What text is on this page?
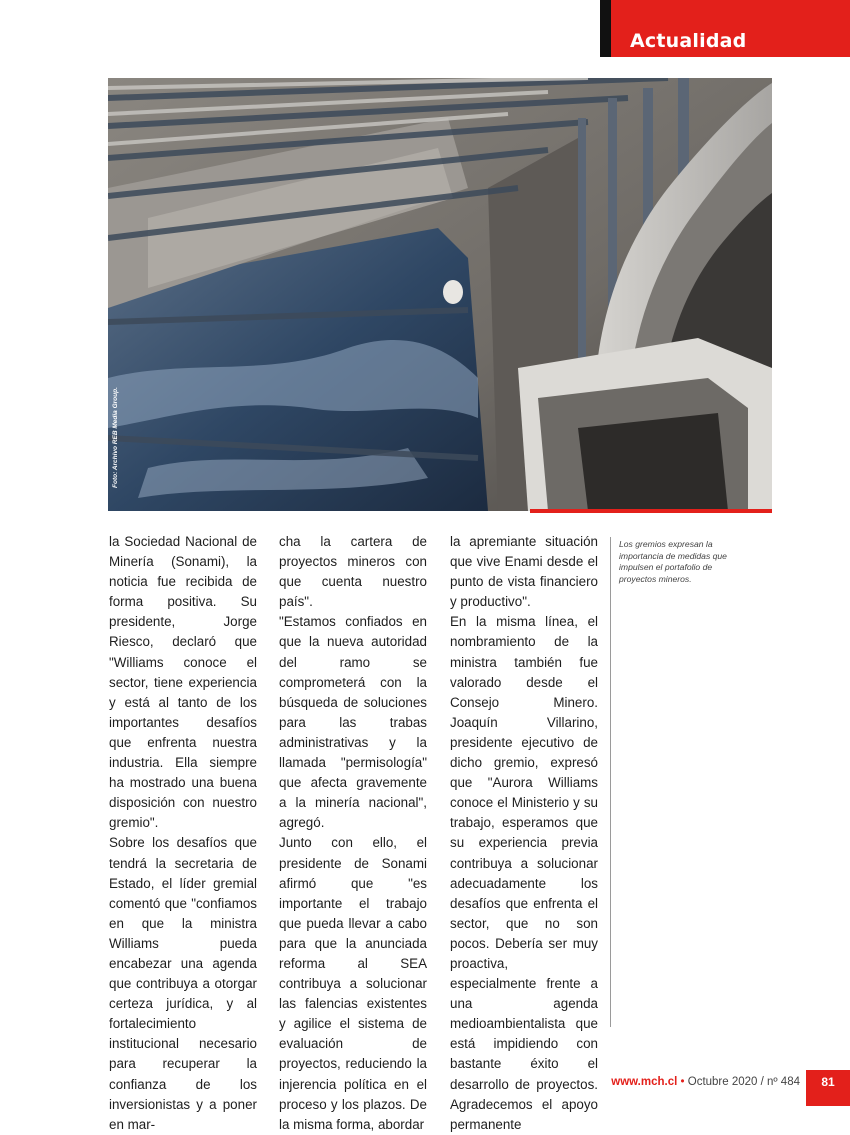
Actualidad
Foto: Archivo REB Media Group.

la Sociedad Nacional de Minería (Sonami), la noticia fue recibida de forma positiva. Su presidente, Jorge Riesco, declaró que "Williams conoce el sector, tiene experiencia y está al tanto de los importantes desafíos que enfrenta nuestra industria. Ella siempre ha mostrado una buena disposición con nuestro gremio".

Sobre los desafíos que tendrá la secretaria de Estado, el líder gremial comentó que "confiamos en que la ministra Williams pueda encabezar una agenda que contribuya a otorgar certeza jurídica, y al fortalecimiento institucional necesario para recuperar la confianza de los inversionistas y a poner en mar-

cha la cartera de proyectos mineros con que cuenta nuestro país".

"Estamos confiados en que la nueva autoridad del ramo se comprometerá con la búsqueda de soluciones para las trabas administrativas y la llamada "permisología" que afecta gravemente a la minería nacional", agregó.

Junto con ello, el presidente de Sonami afirmó que "es importante el trabajo que pueda llevar a cabo para que la anunciada reforma al SEA contribuya a solucionar las falencias existentes y agilice el sistema de evaluación de proyectos, reduciendo la injerencia política en el proceso y los plazos. De la misma forma, abordar

la apremiante situación que vive Enami desde el punto de vista financiero y productivo".

En la misma línea, el nombramiento de la ministra también fue valorado desde el Consejo Minero. Joaquín Villarino, presidente ejecutivo de dicho gremio, expresó que "Aurora Williams conoce el Ministerio y su trabajo, esperamos que su experiencia previa contribuya a solucionar adecuadamente los desafíos que enfrenta el sector, que no son pocos. Debería ser muy proactiva, especialmente frente a una agenda medioambientalista que está impidiendo con bastante éxito el desarrollo de proyectos. Agradecemos el apoyo permanente

Los gremios expresan la importancia de medidas que impulsen el portafolio de proyectos mineros.
www.mch.cl • Octubre 2020 / nº 484	81
